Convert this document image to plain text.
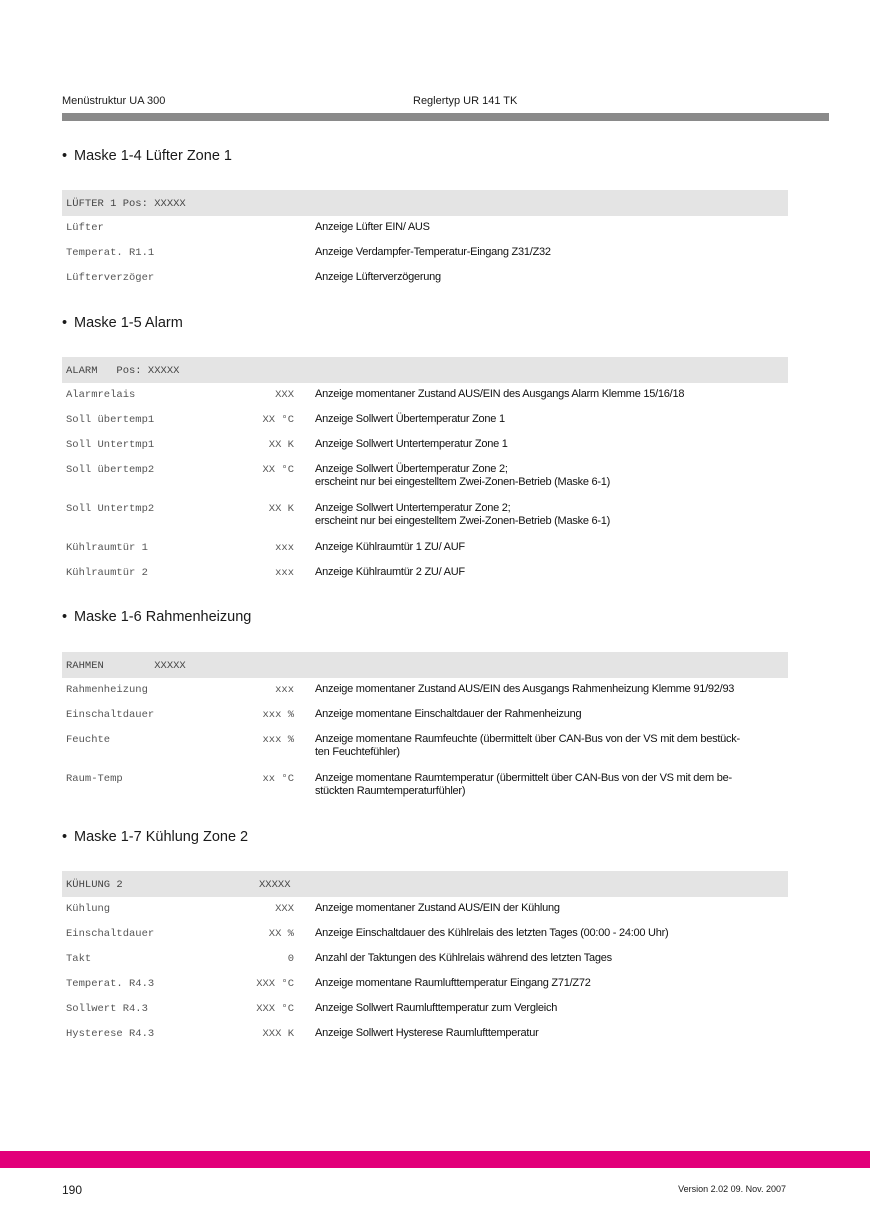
Menüstruktur UA 300	Reglertyp UR 141 TK
• Maske 1-4 Lüfter Zone 1
LÜFTER 1 Pos: XXXXX
Lüfter	Anzeige Lüfter EIN/ AUS
Temperat. R1.1	Anzeige Verdampfer-Temperatur-Eingang Z31/Z32
Lüfterverzöger	Anzeige Lüfterverzögerung
• Maske 1-5 Alarm
ALARM   Pos: XXXXX
Alarmrelais	XXX Anzeige momentaner Zustand AUS/EIN des Ausgangs Alarm Klemme 15/16/18
Soll übertemp1	XX °C Anzeige Sollwert Übertemperatur Zone 1
Soll Untertmp1	XX K Anzeige Sollwert Untertemperatur Zone 1
Soll übertemp2	XX °C Anzeige Sollwert Übertemperatur Zone 2;
erscheint nur bei eingestelltem Zwei-Zonen-Betrieb (Maske 6-1)
Soll Untertmp2	XX K Anzeige Sollwert Untertemperatur Zone 2;
erscheint nur bei eingestelltem Zwei-Zonen-Betrieb (Maske 6-1)
Kühlraumtür 1	xxx Anzeige Kühlraumtür 1 ZU/ AUF
Kühlraumtür 2	xxx Anzeige Kühlraumtür 2 ZU/ AUF
• Maske 1-6 Rahmenheizung
RAHMEN        XXXXX
Rahmenheizung	xxx Anzeige momentaner Zustand AUS/EIN des Ausgangs Rahmenheizung Klemme 91/92/93
Einschaltdauer	xxx % Anzeige momentane Einschaltdauer der Rahmenheizung
Feuchte	xxx % Anzeige momentane Raumfeuchte (übermittelt über CAN-Bus von der VS mit dem bestück-
ten Feuchtefühler)
Raum-Temp	xx °C Anzeige momentane Raumtemperatur (übermittelt über CAN-Bus von der VS mit dem be-
stückten Raumtemperaturfühler)
• Maske 1-7 Kühlung Zone 2
KÜHLUNG 2	XXXXX
Kühlung	XXX Anzeige momentaner Zustand AUS/EIN der Kühlung
Einschaltdauer	XX % Anzeige Einschaltdauer des Kühlrelais des letzten Tages (00:00 - 24:00 Uhr)
Takt	0 Anzahl der Taktungen des Kühlrelais während des letzten Tages
Temperat. R4.3	XXX °C Anzeige momentane Raumlufttemperatur Eingang Z71/Z72
Sollwert R4.3	XXX °C Anzeige Sollwert Raumlufttemperatur zum Vergleich
Hysterese R4.3	XXX K Anzeige Sollwert Hysterese Raumlufttemperatur
190	Version 2.02 09. Nov. 2007
